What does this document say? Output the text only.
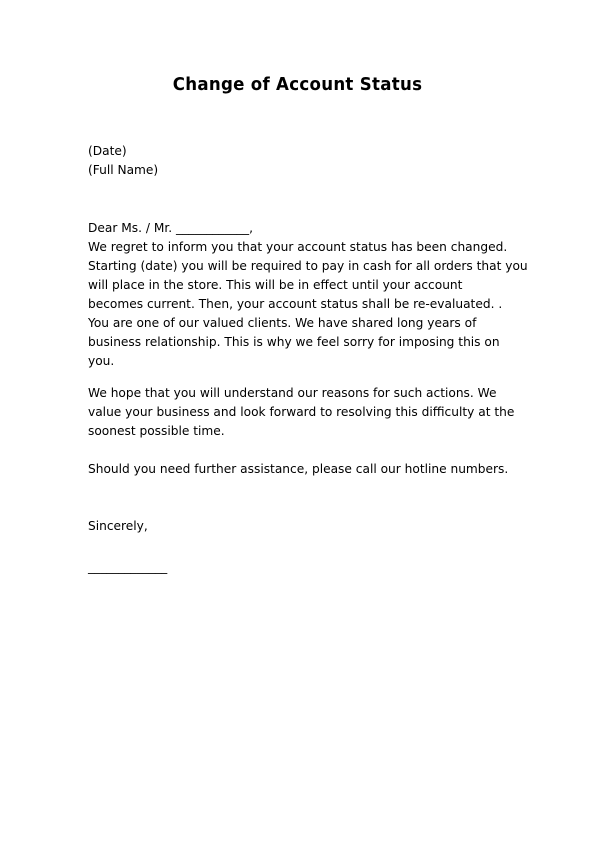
Change of Account Status
(Date)
(Full Name)
Dear Ms. / Mr. ____________,
We regret to inform you that your account status has been changed.
Starting (date) you will be required to pay in cash for all orders that you
will place in the store. This will be in effect until your account
becomes current. Then, your account status shall be re-evaluated. .
You are one of our valued clients. We have shared long years of
business relationship. This is why we feel sorry for imposing this on
you.
We hope that you will understand our reasons for such actions. We
value your business and look forward to resolving this difficulty at the
soonest possible time.
Should you need further assistance, please call our hotline numbers.
Sincerely,
_____________
